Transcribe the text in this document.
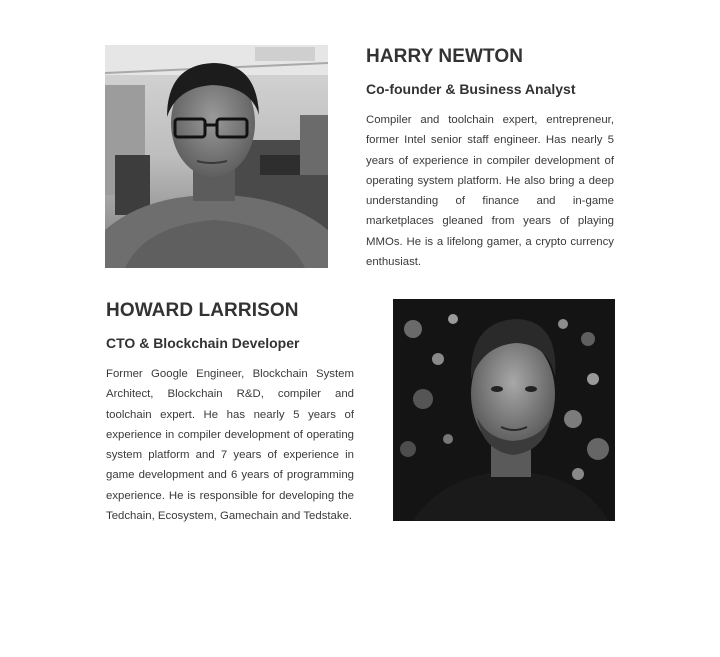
HARRY NEWTON
Co-founder & Business Analyst

Compiler and toolchain expert, entrepreneur, former Intel senior staff engineer. Has nearly 5 years of experience in compiler development of operating system platform. He also bring a deep understanding of finance and in-game marketplaces gleaned from years of playing MMOs. He is a lifelong gamer, a crypto currency enthusiast.

HOWARD LARRISON
CTO & Blockchain Developer

Former Google Engineer, Blockchain System Architect, Blockchain R&D, compiler and toolchain expert. He has nearly 5 years of experience in compiler development of operating system platform and 7 years of experience in game development and 6 years of programming experience. He is responsible for developing the Tedchain, Ecosystem, Gamechain and Tedstake.
